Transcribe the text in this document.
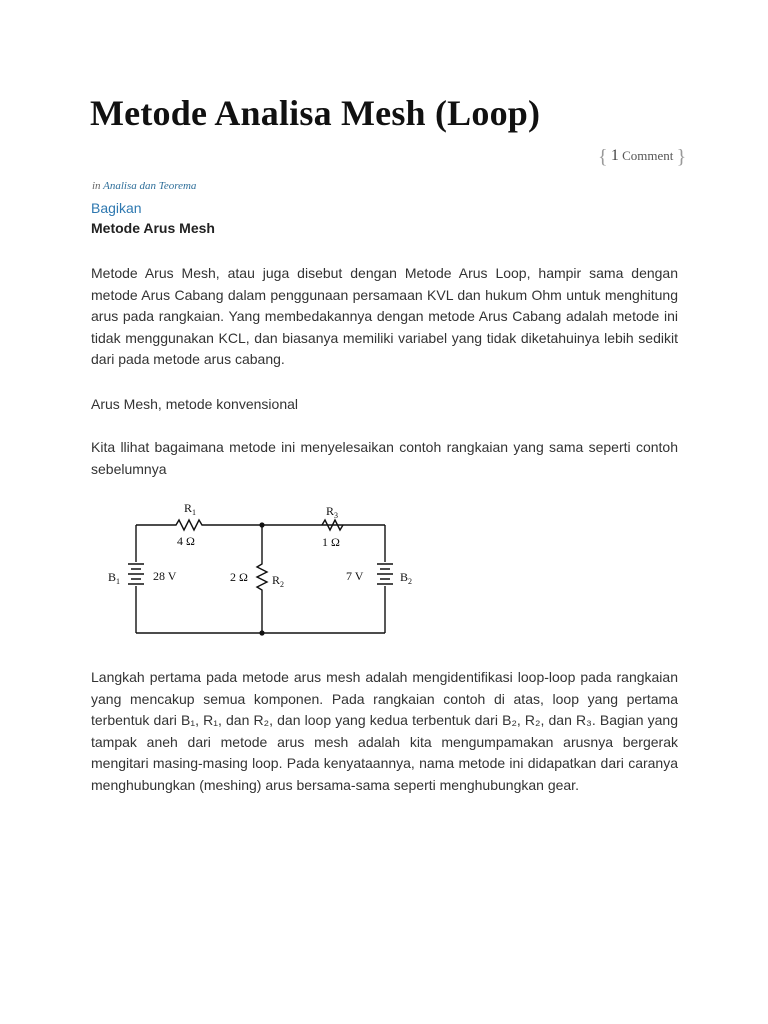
Metode Analisa Mesh (Loop)
{ 1 Comment }
in Analisa dan Teorema
Bagikan
Metode Arus Mesh

Metode Arus Mesh, atau juga disebut dengan Metode Arus Loop, hampir sama dengan metode Arus Cabang dalam penggunaan persamaan KVL dan hukum Ohm untuk menghitung arus pada rangkaian. Yang membedakannya dengan metode Arus Cabang adalah metode ini tidak menggunakan KCL, dan biasanya memiliki variabel yang tidak diketahuinya lebih sedikit dari pada metode arus cabang.

Arus Mesh, metode konvensional

Kita llihat bagaimana metode ini menyelesaikan contoh rangkaian yang sama seperti contoh sebelumnya

$R_1$
4 Ω
$R_3$
1 Ω
$B_1$	28 V	2 Ω $R_2$
7 V	$B_2$

Langkah pertama pada metode arus mesh adalah mengidentifikasi loop-loop pada rangkaian yang mencakup semua komponen. Pada rangkaian contoh di atas, loop yang pertama terbentuk dari B₁, R₁, dan R₂, dan loop yang kedua terbentuk dari B₂, R₂, dan R₃. Bagian yang tampak aneh dari metode arus mesh adalah kita mengumpamakan arusnya bergerak mengitari masing-masing loop. Pada kenyataannya, nama metode ini didapatkan dari caranya menghubungkan (meshing) arus bersama-sama seperti menghubungkan gear.
